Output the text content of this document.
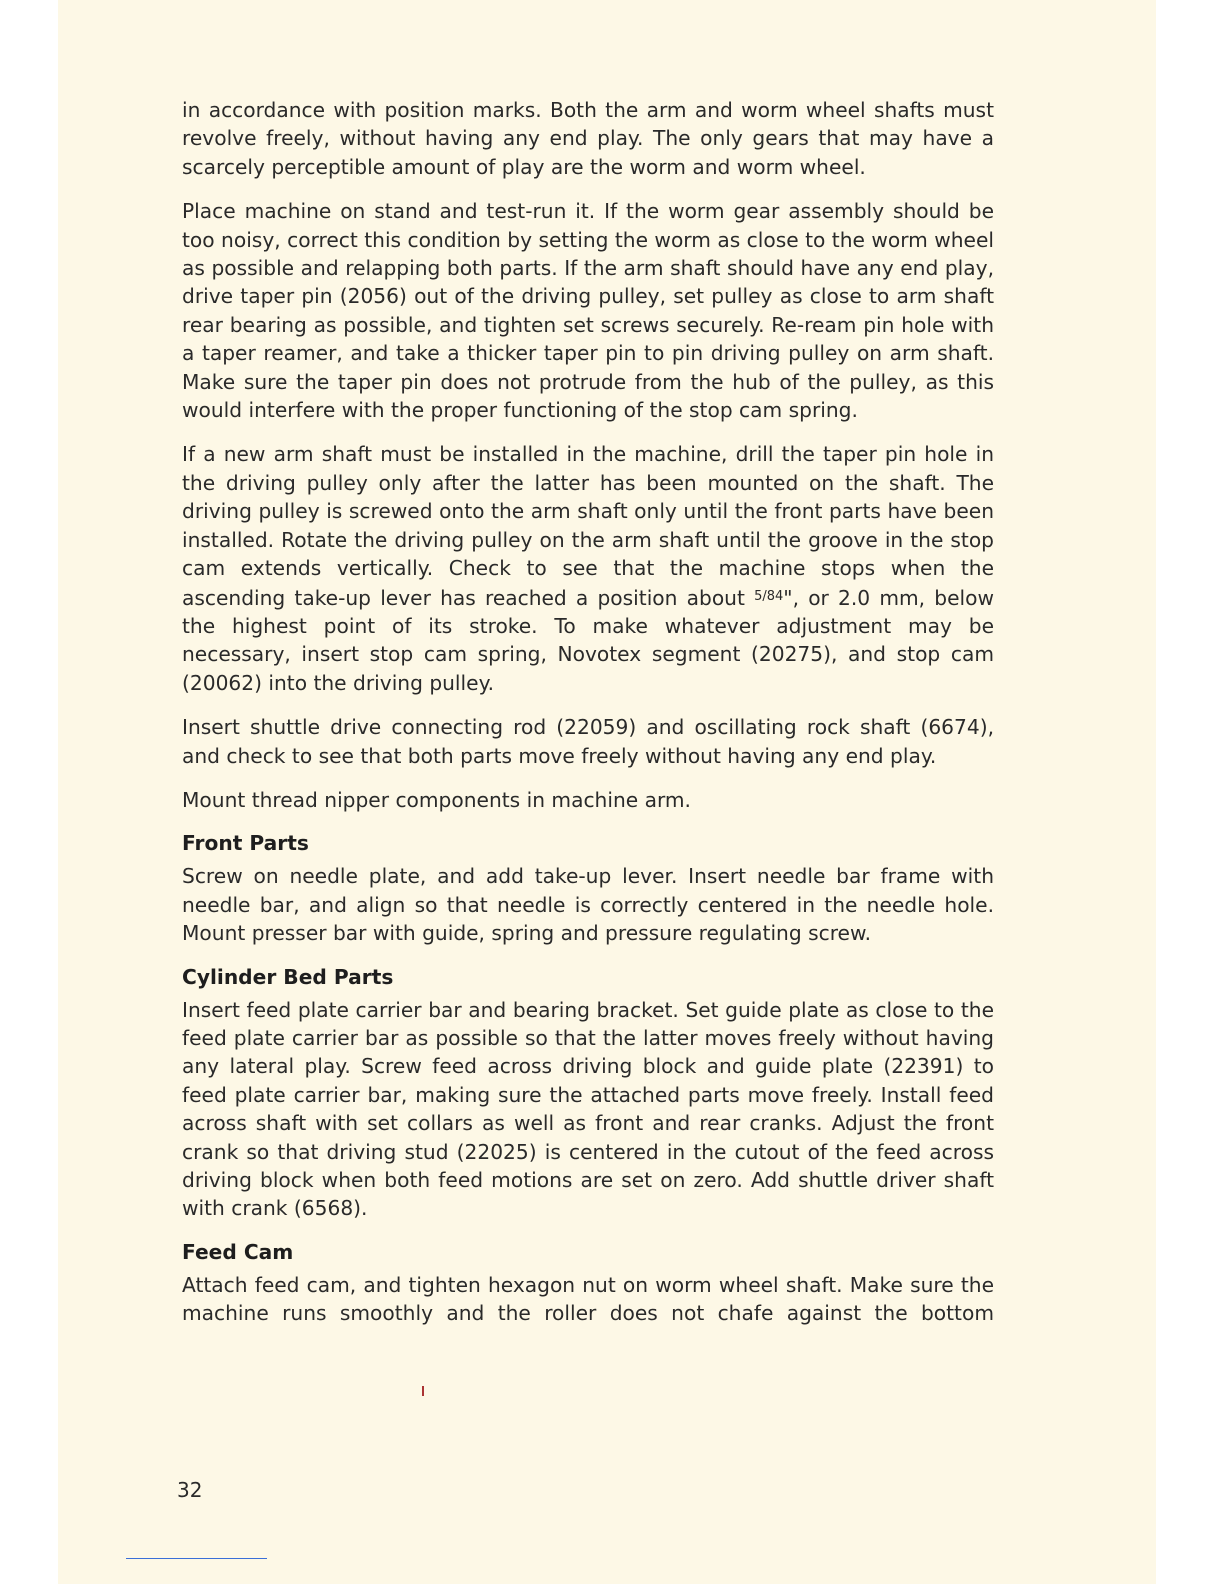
in accordance with position marks. Both the arm and worm wheel shafts must revolve freely, without having any end play. The only gears that may have a scarcely perceptible amount of play are the worm and worm wheel.

Place machine on stand and test-run it. If the worm gear assembly should be too noisy, correct this condition by setting the worm as close to the worm wheel as possible and relapping both parts. If the arm shaft should have any end play, drive taper pin (2056) out of the driving pulley, set pulley as close to arm shaft rear bearing as possible, and tighten set screws securely. Re-ream pin hole with a taper reamer, and take a thicker taper pin to pin driving pulley on arm shaft. Make sure the taper pin does not protrude from the hub of the pulley, as this would interfere with the proper functioning of the stop cam spring.

If a new arm shaft must be installed in the machine, drill the taper pin hole in the driving pulley only after the latter has been mounted on the shaft. The driving pulley is screwed onto the arm shaft only until the front parts have been installed. Rotate the driving pulley on the arm shaft until the groove in the stop cam extends vertically. Check to see that the machine stops when the ascending take-up lever has reached a position about $^{5/84}$", or 2.0 mm, below the highest point of its stroke. To make whatever adjustment may be necessary, insert stop cam spring, Novotex segment (20275), and stop cam (20062) into the driving pulley.

Insert shuttle drive connecting rod (22059) and oscillating rock shaft (6674), and check to see that both parts move freely without having any end play.

Mount thread nipper components in machine arm.

Front Parts

Screw on needle plate, and add take-up lever. Insert needle bar frame with needle bar, and align so that needle is correctly centered in the needle hole. Mount presser bar with guide, spring and pressure regulating screw.

Cylinder Bed Parts

Insert feed plate carrier bar and bearing bracket. Set guide plate as close to the feed plate carrier bar as possible so that the latter moves freely without having any lateral play. Screw feed across driving block and guide plate (22391) to feed plate carrier bar, making sure the attached parts move freely. Install feed across shaft with set collars as well as front and rear cranks. Adjust the front crank so that driving stud (22025) is centered in the cutout of the feed across driving block when both feed motions are set on zero. Add shuttle driver shaft with crank (6568).

Feed Cam

Attach feed cam, and tighten hexagon nut on worm wheel shaft. Make sure the machine runs smoothly and the roller does not chafe against the bottom

32
